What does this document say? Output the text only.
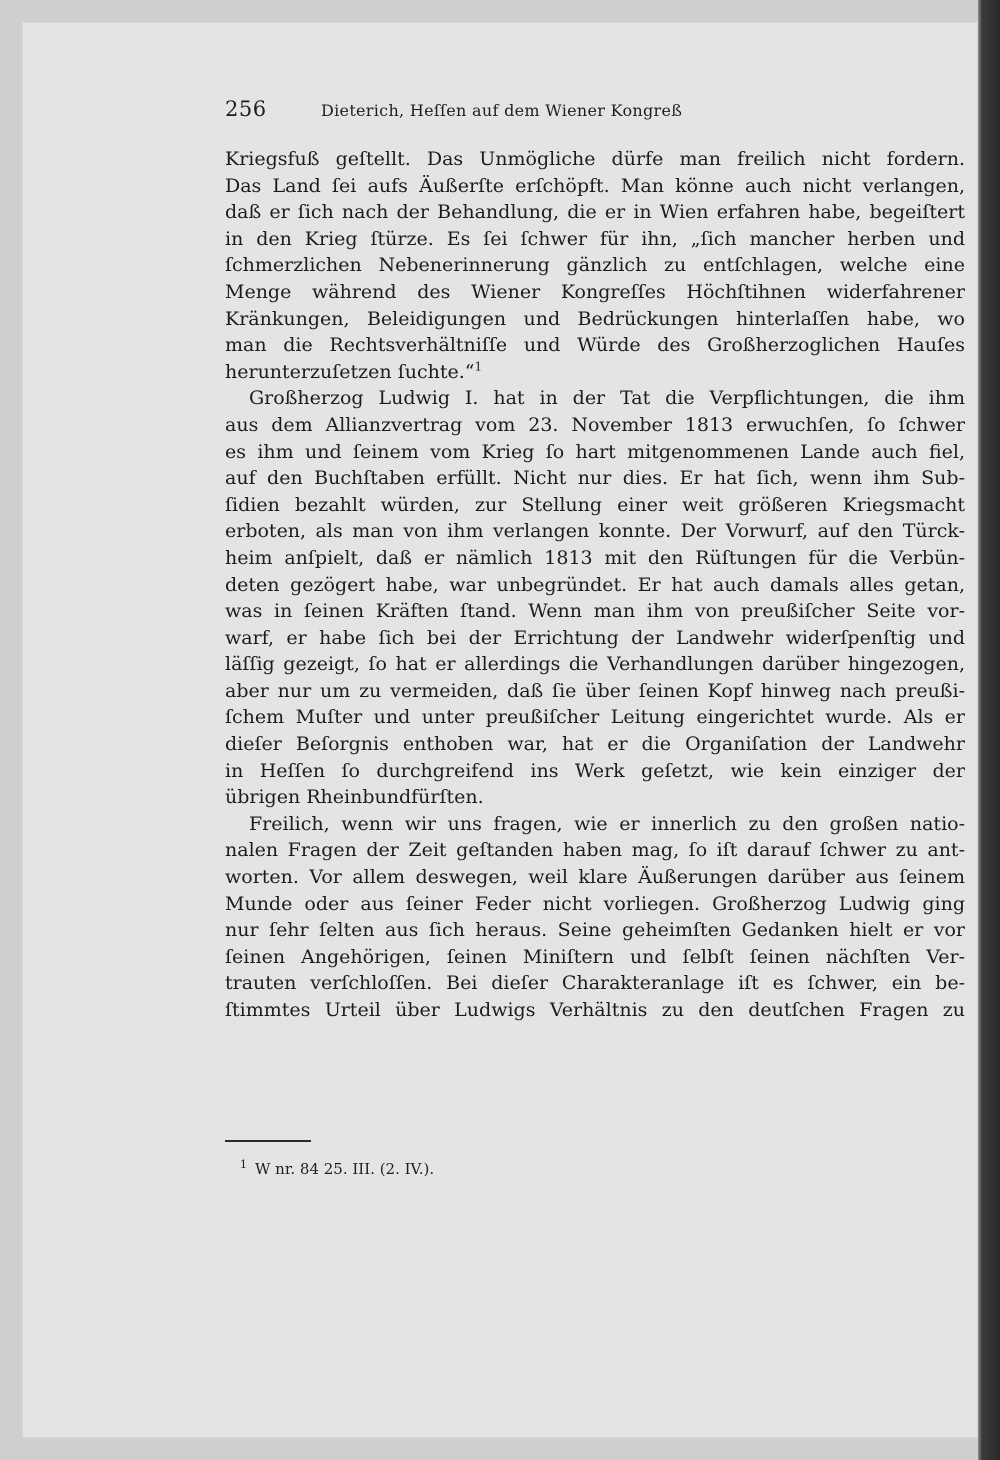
256	Dieterich, Heſſen auf dem Wiener Kongreß
Kriegsfuß geſtellt. Das Unmögliche dürfe man freilich nicht fordern.
Das Land ſei aufs Äußerſte erſchöpft. Man könne auch nicht verlangen,
daß er ſich nach der Behandlung, die er in Wien erfahren habe, begeiſtert
in den Krieg ſtürze. Es ſei ſchwer für ihn, „ſich mancher herben und
ſchmerzlichen Nebenerinnerung gänzlich zu entſchlagen, welche eine
Menge während des Wiener Kongreſſes Höchſtihnen widerfahrener
Kränkungen, Beleidigungen und Bedrückungen hinterlaſſen habe, wo
man die Rechtsverhältniſſe und Würde des Großherzoglichen Hauſes
herunterzuſetzen ſuchte.“$^1$
Großherzog Ludwig I. hat in der Tat die Verpflichtungen, die ihm
aus dem Allianzvertrag vom 23. November 1813 erwuchſen, ſo ſchwer
es ihm und ſeinem vom Krieg ſo hart mitgenommenen Lande auch fiel,
auf den Buchſtaben erfüllt. Nicht nur dies. Er hat ſich, wenn ihm Sub-
ſidien bezahlt würden, zur Stellung einer weit größeren Kriegsmacht
erboten, als man von ihm verlangen konnte. Der Vorwurf, auf den Türck-
heim anſpielt, daß er nämlich 1813 mit den Rüſtungen für die Verbün-
deten gezögert habe, war unbegründet. Er hat auch damals alles getan,
was in ſeinen Kräften ſtand. Wenn man ihm von preußiſcher Seite vor-
warf, er habe ſich bei der Errichtung der Landwehr widerſpenſtig und
läſſig gezeigt, ſo hat er allerdings die Verhandlungen darüber hingezogen,
aber nur um zu vermeiden, daß ſie über ſeinen Kopf hinweg nach preußi-
ſchem Muſter und unter preußiſcher Leitung eingerichtet wurde. Als er
dieſer Beſorgnis enthoben war, hat er die Organiſation der Landwehr
in Heſſen ſo durchgreifend ins Werk geſetzt, wie kein einziger der
übrigen Rheinbundfürſten.
Freilich, wenn wir uns fragen, wie er innerlich zu den großen natio-
nalen Fragen der Zeit geſtanden haben mag, ſo iſt darauf ſchwer zu ant-
worten. Vor allem deswegen, weil klare Äußerungen darüber aus ſeinem
Munde oder aus ſeiner Feder nicht vorliegen. Großherzog Ludwig ging
nur ſehr ſelten aus ſich heraus. Seine geheimſten Gedanken hielt er vor
ſeinen Angehörigen, ſeinen Miniſtern und ſelbſt ſeinen nächſten Ver-
trauten verſchloſſen. Bei dieſer Charakteranlage iſt es ſchwer, ein be-
ſtimmtes Urteil über Ludwigs Verhältnis zu den deutſchen Fragen zu
$^1$ W nr. 84 25. III. (2. IV.).
